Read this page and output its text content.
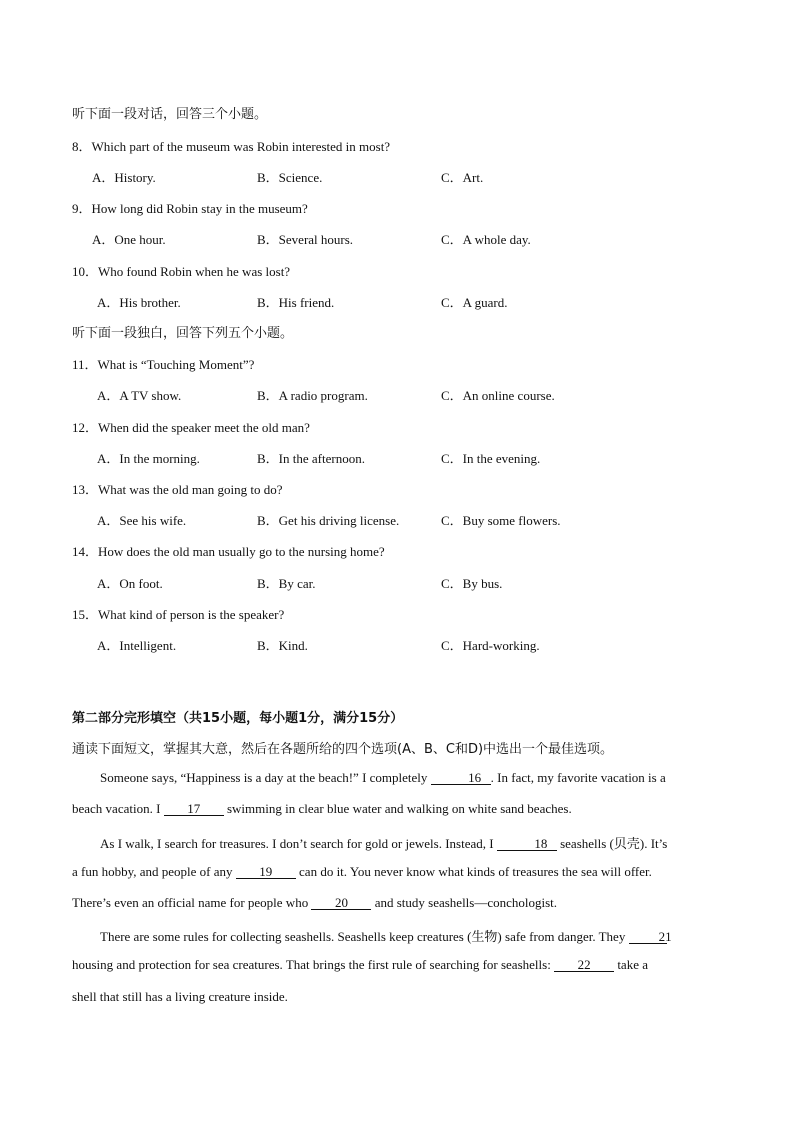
听下面一段对话，回答三个小题。
8．Which part of the museum was Robin interested in most?
A．History.	B．Science.	C．Art.
9．How long did Robin stay in the museum?
A．One hour.	B．Several hours.	C．A whole day.
10．Who found Robin when he was lost?
A．His brother.	B．His friend.	C．A guard.
听下面一段独白，回答下列五个小题。
11．What is “Touching Moment”?
A．A TV show.	B．A radio program.	C．An online course.
12．When did the speaker meet the old man?
A．In the morning.	B．In the afternoon.	C．In the evening.
13．What was the old man going to do?
A．See his wife.	B．Get his driving license.	C．Buy some flowers.
14．How does the old man usually go to the nursing home?
A．On foot.	B．By car.	C．By bus.
15．What kind of person is the speaker?
A．Intelligent.	B．Kind.	C．Hard-working.
第二部分完形填空（共15小题，每小题1分，满分15分）
通读下面短文，掌握其大意，然后在各题所给的四个选项(A、B、C和D)中选出一个最佳选项。
Someone says, “Happiness is a day at the beach!” I completely	16 . In fact, my favorite vacation is a
beach vacation. I 17 swimming in clear blue water and walking on white sand beaches.
As I walk, I search for treasures. I don’t search for gold or jewels. Instead, I	18 seashells (贝壳). It’s
a fun hobby, and people of any 19 can do it. You never know what kinds of treasures the sea will offer.
There’s even an official name for people who 20 and study seashells—conchologist.
There are some rules for collecting seashells. Seashells keep creatures (生物) safe from danger. They	21
housing and protection for sea creatures. That brings the first rule of searching for seashells: 22 take a
shell that still has a living creature inside.
